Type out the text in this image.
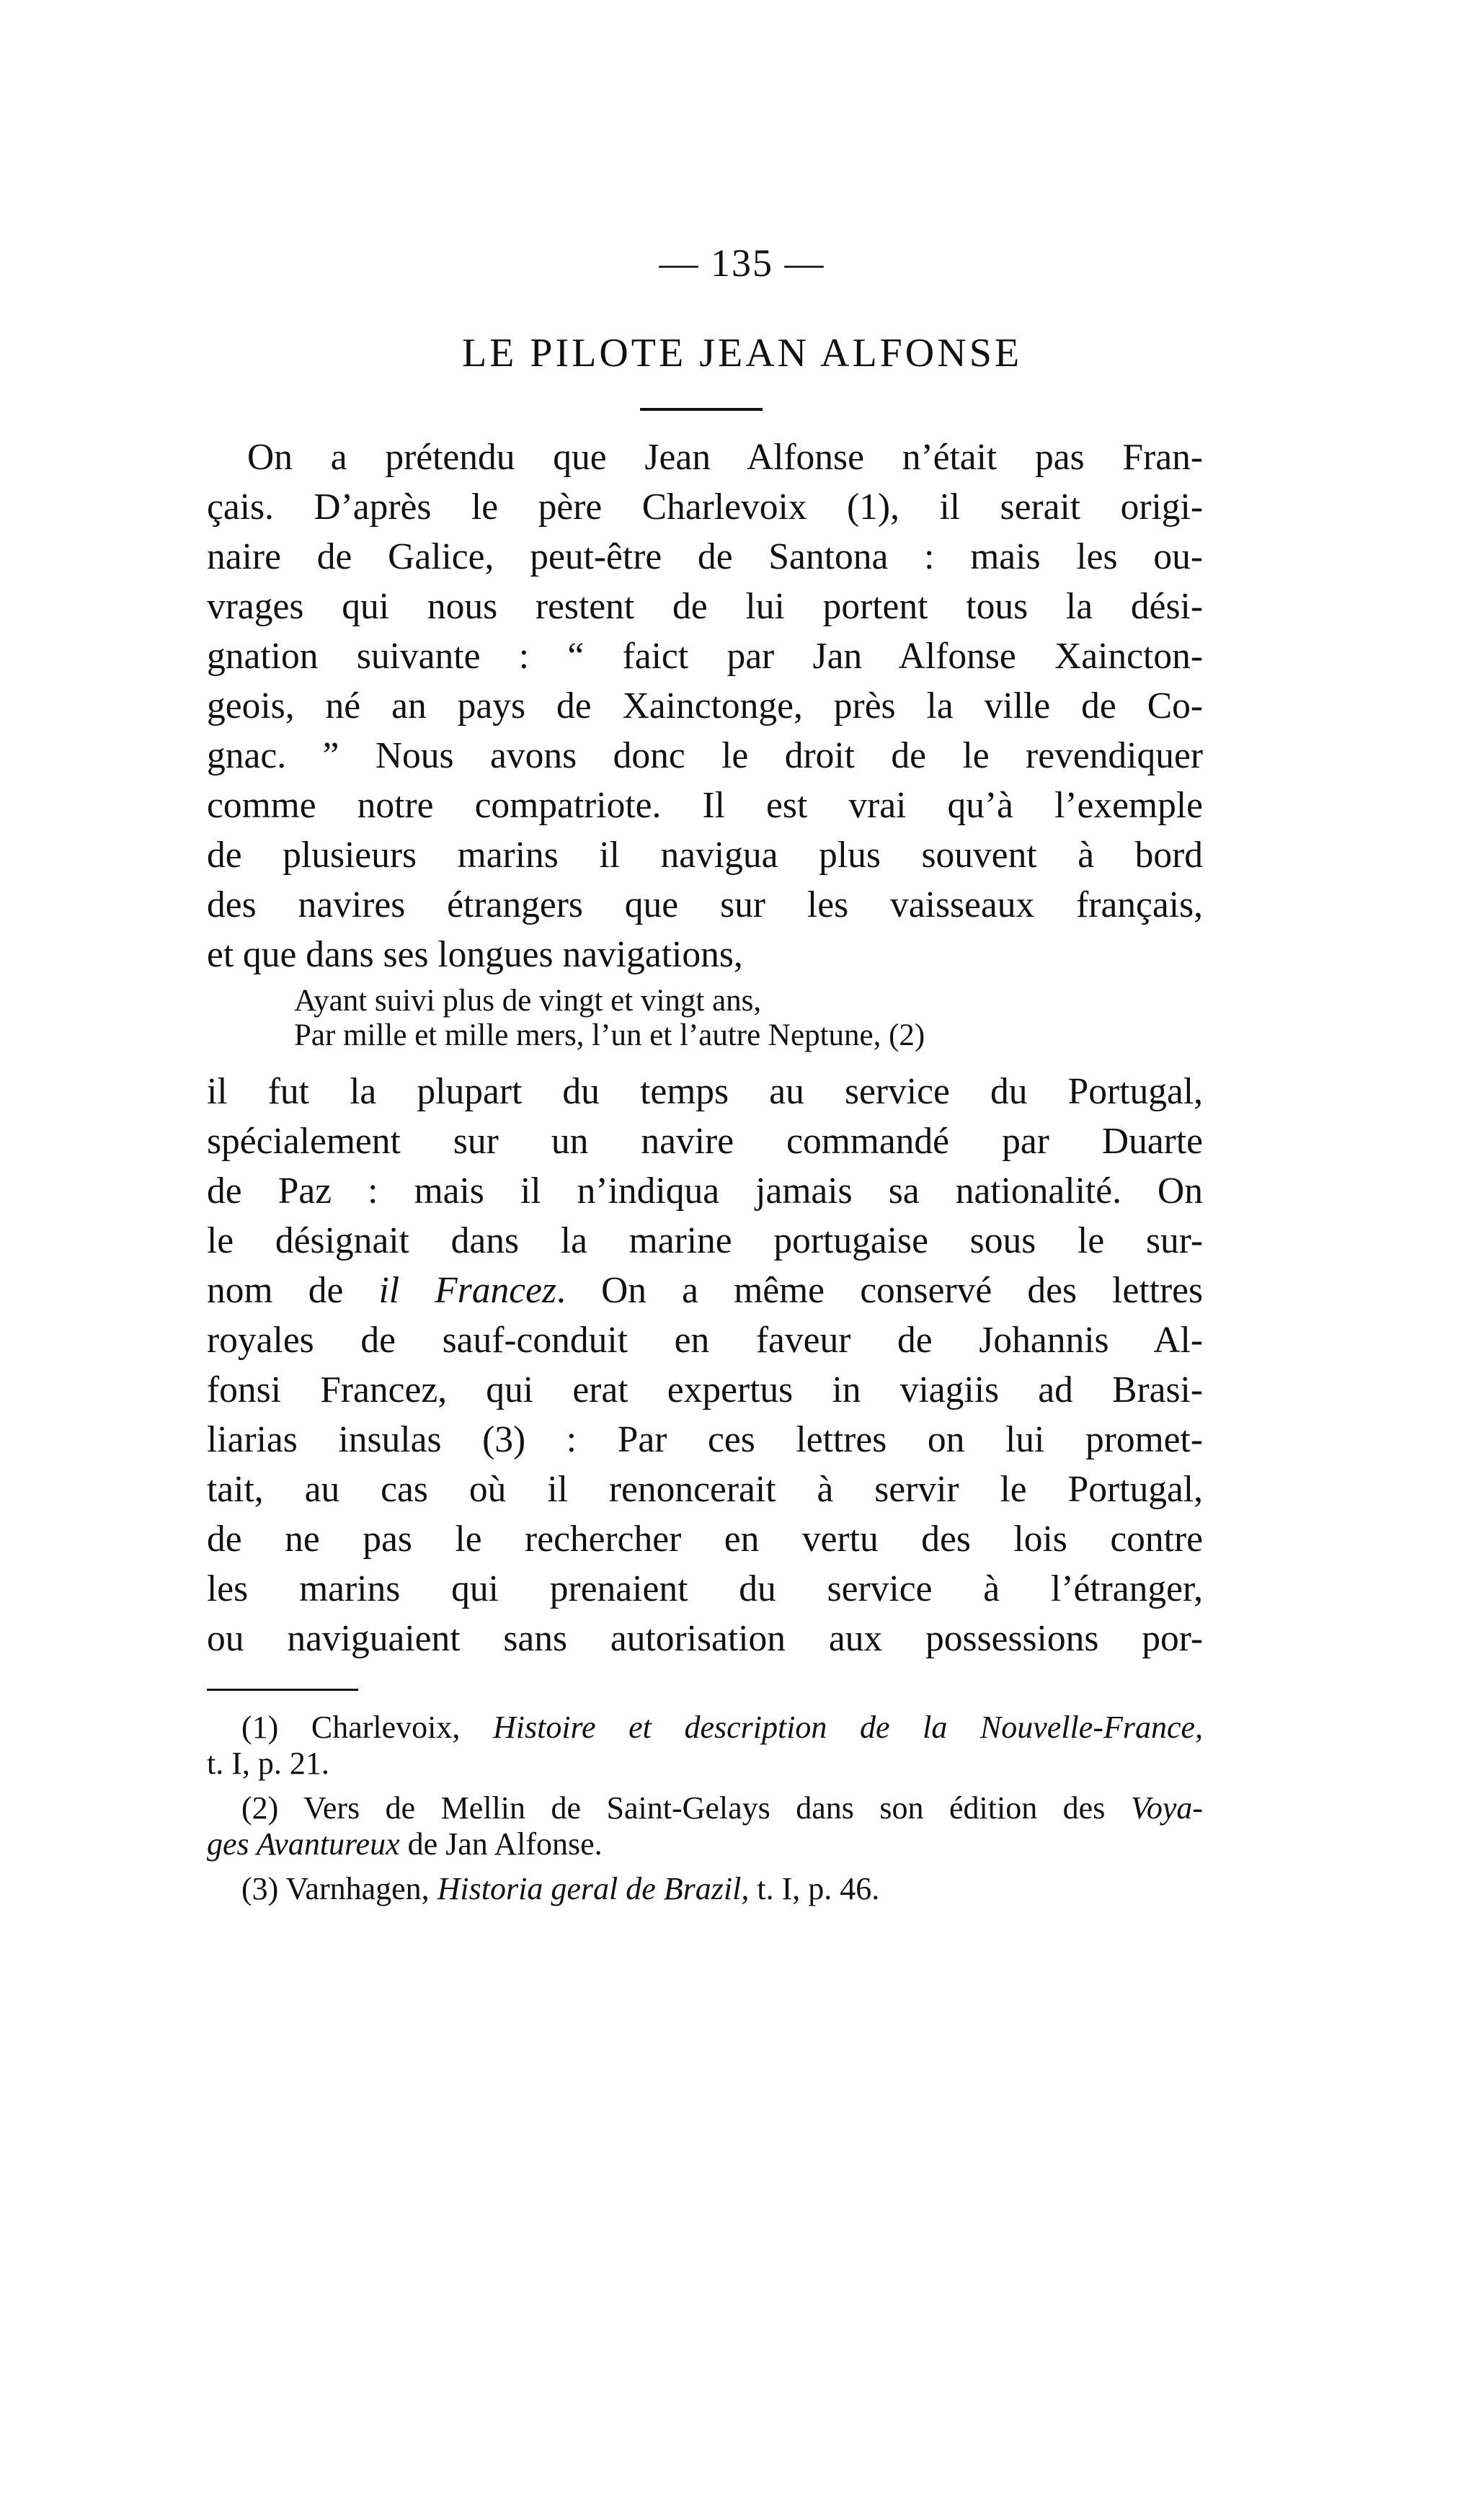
— 135 —
LE PILOTE JEAN ALFONSE
On a prétendu que Jean Alfonse n’était pas Fran-
çais. D’après le père Charlevoix (1), il serait origi-
naire de Galice, peut-être de Santona : mais les ou-
vrages qui nous restent de lui portent tous la dési-
gnation suivante : “ faict par Jan Alfonse Xaincton-
geois, né an pays de Xainctonge, près la ville de Co-
gnac. ” Nous avons donc le droit de le revendiquer
comme notre compatriote. Il est vrai qu’à l’exemple
de plusieurs marins il navigua plus souvent à bord
des navires étrangers que sur les vaisseaux français,
et que dans ses longues navigations,
Ayant suivi plus de vingt et vingt ans,
Par mille et mille mers, l’un et l’autre Neptune, (2)
il fut la plupart du temps au service du Portugal,
spécialement sur un navire commandé par Duarte
de Paz : mais il n’indiqua jamais sa nationalité. On
le désignait dans la marine portugaise sous le sur-
nom de il Francez. On a même conservé des lettres
royales de sauf-conduit en faveur de Johannis Al-
fonsi Francez, qui erat expertus in viagiis ad Brasi-
liarias insulas (3) : Par ces lettres on lui promet-
tait, au cas où il renoncerait à servir le Portugal,
de ne pas le rechercher en vertu des lois contre
les marins qui prenaient du service à l’étranger,
ou naviguaient sans autorisation aux possessions por-
(1) Charlevoix, Histoire et description de la Nouvelle-France,
t. I, p. 21.
(2) Vers de Mellin de Saint-Gelays dans son édition des Voya-
ges Avantureux de Jan Alfonse.
(3) Varnhagen, Historia geral de Brazil, t. I, p. 46.
